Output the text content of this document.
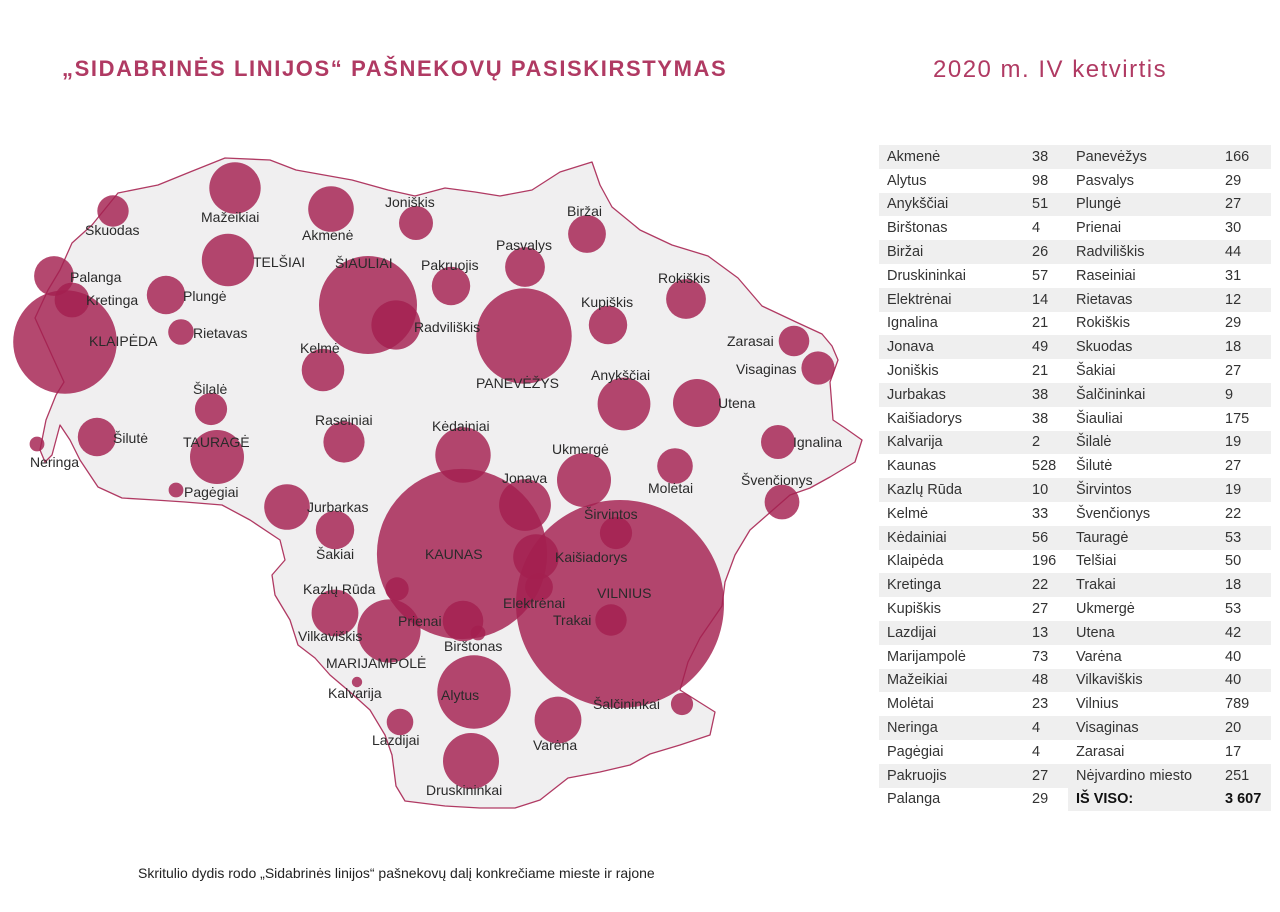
„SIDABRINĖS LINIJOS“ PAŠNEKOVŲ PASISKIRSTYMAS	2020 m. IV ketvirtis
Akmenė
Alytus
Anykščiai
Birštonas
Biržai
Druskininkai
Elektrėnai
Ignalina
Jonava
Joniškis
Jurbarkas
Kaišiadorys
Kalvarija
KAUNAS
Kazlų Rūda
Kelmė
Kėdainiai
KLAIPĖDA
Kretinga	Kupiškis
Lazdijai
MARIJAMPOLĖ
Mažeikiai
Molėtai
Neringa
Pagėgiai
Pakruojis
Palanga
PANEVĖŽYS
Pasvalys
Plungė
Prienai
Radviliškis
Raseiniai
Rietavas
Rokiškis
Skuodas
Šakiai
Šalčininkai
ŠIAULIAI
Šilalė
Šilutė
Širvintos
Švenčionys
TAURAGĖ
TELŠIAI
Trakai
Ukmergė
Utena
Varėna
Vilkaviškis
VILNIUS
Visaginas
Zarasai
Akmenė	38
Alytus	98
Anykščiai	51
Birštonas	4
Biržai	26
Druskininkai	57
Elektrėnai	14
Ignalina	21
Jonava	49
Joniškis	21
Jurbakas	38
Kaišiadorys	38
Kalvarija	2
Kaunas	528
Kazlų Rūda	10
Kelmė	33
Kėdainiai	56
Klaipėda	196
Kretinga	22
Kupiškis	27
Lazdijai	13
Marijampolė	73
Mažeikiai	48
Molėtai	23
Neringa	4
Pagėgiai	4
Pakruojis	27
Palanga	29
Panevėžys	166
Pasvalys	29
Plungė	27
Prienai	30
Radviliškis	44
Raseiniai	31
Rietavas	12
Rokiškis	29
Skuodas	18
Šakiai	27
Šalčininkai	9
Šiauliai	175
Šilalė	19
Šilutė	27
Širvintos	19
Švenčionys	22
Tauragė	53
Telšiai	50
Trakai	18
Ukmergė	53
Utena	42
Varėna	40
Vilkaviškis	40
Vilnius	789
Visaginas	20
Zarasai	17
Nėjvardino miesto	251
IŠ VISO:	3 607
Skritulio dydis rodo „Sidabrinės linijos“ pašnekovų dalį konkrečiame mieste ir rajone
